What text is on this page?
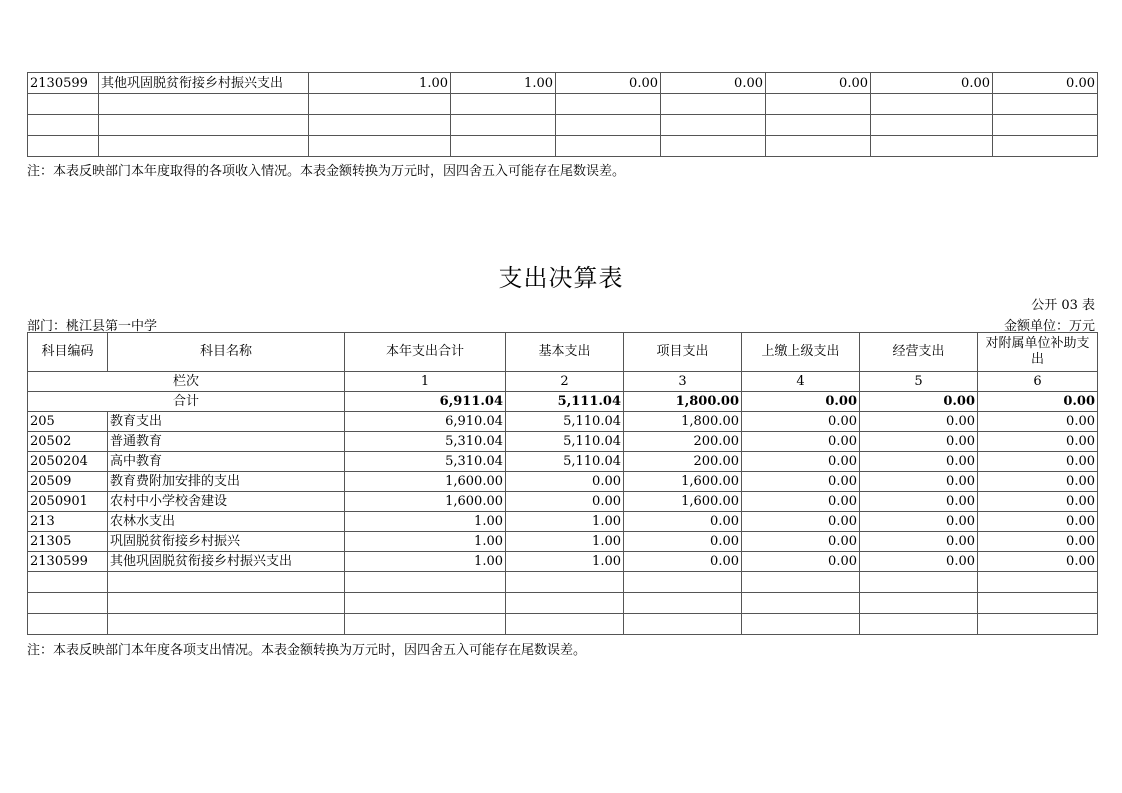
2130599	其他巩固脱贫衔接乡村振兴支出	1.00	1.00	0.00	0.00	0.00	0.00	0.00

注：本表反映部门本年度取得的各项收入情况。本表金额转换为万元时，因四舍五入可能存在尾数误差。
支出决算表
公开 03 表
部门：桃江县第一中学	金额单位：万元
科目编码	科目名称	本年支出合计	基本支出	项目支出	上缴上级支出	经营支出	对附属单位补助支出
栏次		1	2	3	4	5	6
合计		6,911.04	5,111.04	1,800.00	0.00	0.00	0.00
205	教育支出	6,910.04	5,110.04	1,800.00	0.00	0.00	0.00
20502	普通教育	5,310.04	5,110.04	200.00	0.00	0.00	0.00
2050204	高中教育	5,310.04	5,110.04	200.00	0.00	0.00	0.00
20509	教育费附加安排的支出	1,600.00	0.00	1,600.00	0.00	0.00	0.00
2050901	农村中小学校舍建设	1,600.00	0.00	1,600.00	0.00	0.00	0.00
213	农林水支出	1.00	1.00	0.00	0.00	0.00	0.00
21305	巩固脱贫衔接乡村振兴	1.00	1.00	0.00	0.00	0.00	0.00
2130599	其他巩固脱贫衔接乡村振兴支出	1.00	1.00	0.00	0.00	0.00	0.00

注：本表反映部门本年度各项支出情况。本表金额转换为万元时，因四舍五入可能存在尾数误差。
